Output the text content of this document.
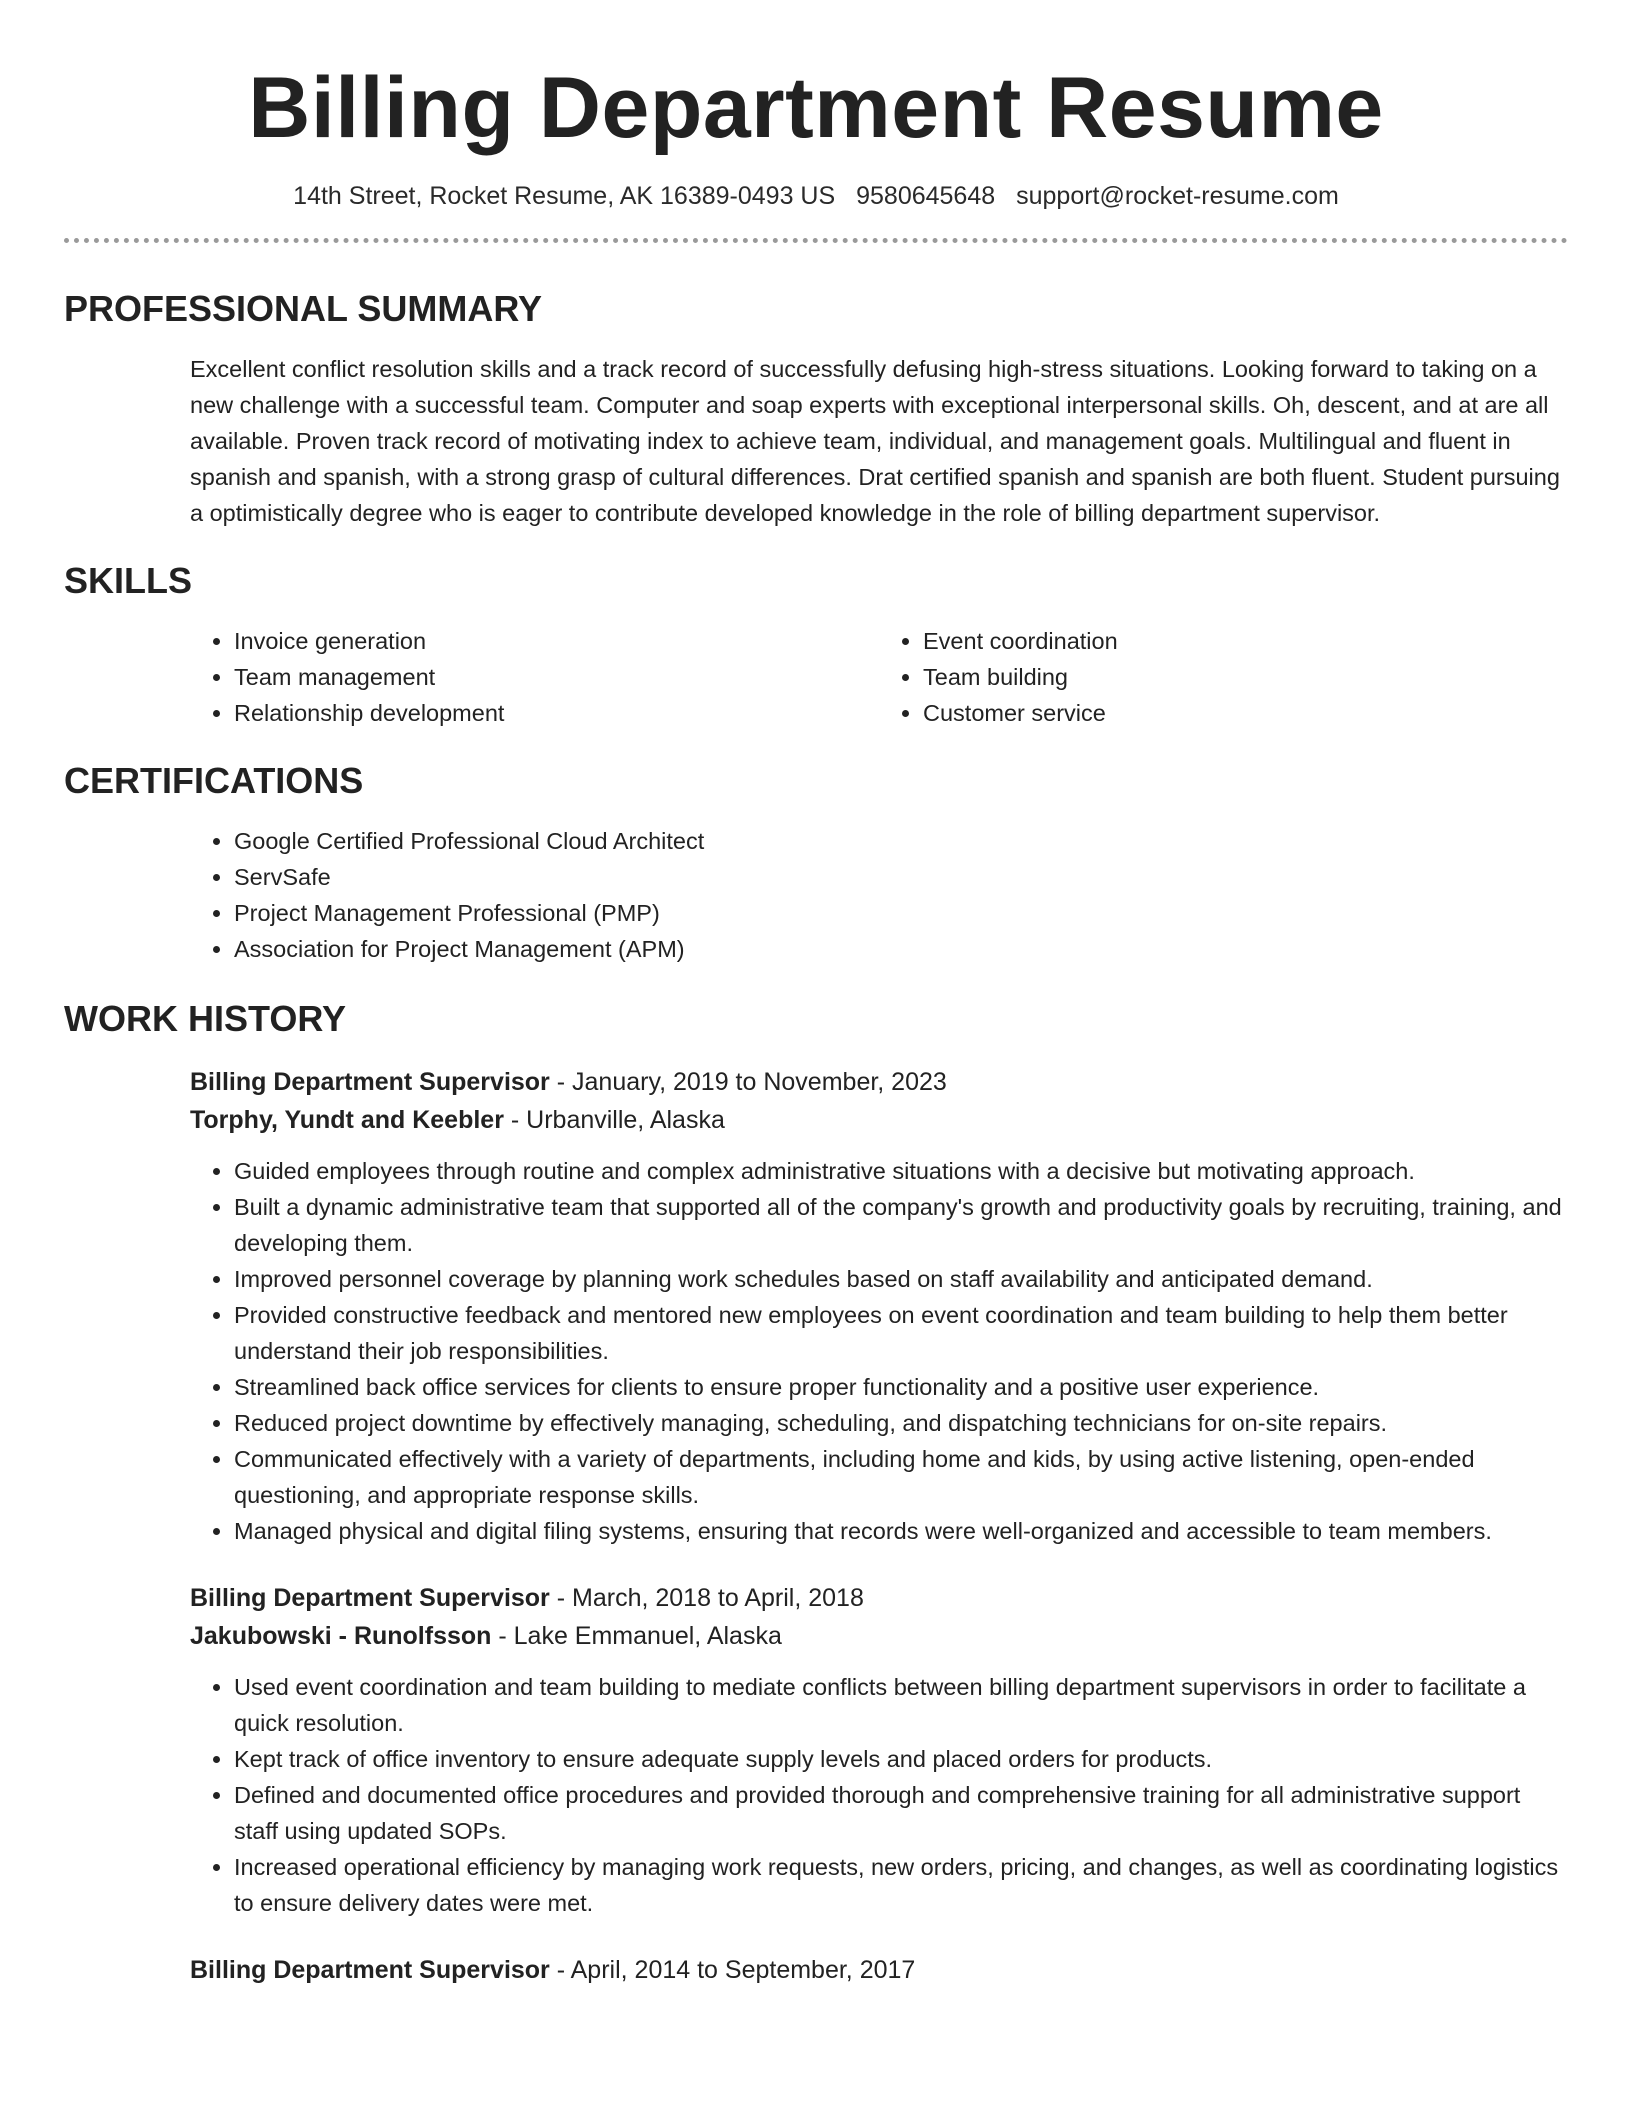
Billing Department Resume
14th Street, Rocket Resume, AK 16389-0493 US 9580645648 support@rocket-resume.com
PROFESSIONAL SUMMARY

Excellent conflict resolution skills and a track record of successfully defusing high-stress situations. Looking forward to taking on a new challenge with a successful team. Computer and soap experts with exceptional interpersonal skills. Oh, descent, and at are all available. Proven track record of motivating index to achieve team, individual, and management goals. Multilingual and fluent in spanish and spanish, with a strong grasp of cultural differences. Drat certified spanish and spanish are both fluent. Student pursuing a optimistically degree who is eager to contribute developed knowledge in the role of billing department supervisor.

SKILLS
• Invoice generation
• Team management
• Relationship development
• Event coordination
• Team building
• Customer service
CERTIFICATIONS
• Google Certified Professional Cloud Architect
• ServSafe
• Project Management Professional (PMP)
• Association for Project Management (APM)
WORK HISTORY
Billing Department Supervisor - January, 2019 to November, 2023
Torphy, Yundt and Keebler - Urbanville, Alaska
• Guided employees through routine and complex administrative situations with a decisive but motivating approach.
• Built a dynamic administrative team that supported all of the company's growth and productivity goals by recruiting, training, and developing them.
• Improved personnel coverage by planning work schedules based on staff availability and anticipated demand.
• Provided constructive feedback and mentored new employees on event coordination and team building to help them better understand their job responsibilities.
• Streamlined back office services for clients to ensure proper functionality and a positive user experience.
• Reduced project downtime by effectively managing, scheduling, and dispatching technicians for on-site repairs.
• Communicated effectively with a variety of departments, including home and kids, by using active listening, open-ended questioning, and appropriate response skills.
• Managed physical and digital filing systems, ensuring that records were well-organized and accessible to team members.
Billing Department Supervisor - March, 2018 to April, 2018
Jakubowski - Runolfsson - Lake Emmanuel, Alaska
• Used event coordination and team building to mediate conflicts between billing department supervisors in order to facilitate a quick resolution.
• Kept track of office inventory to ensure adequate supply levels and placed orders for products.
• Defined and documented office procedures and provided thorough and comprehensive training for all administrative support staff using updated SOPs.
• Increased operational efficiency by managing work requests, new orders, pricing, and changes, as well as coordinating logistics to ensure delivery dates were met.
Billing Department Supervisor - April, 2014 to September, 2017
